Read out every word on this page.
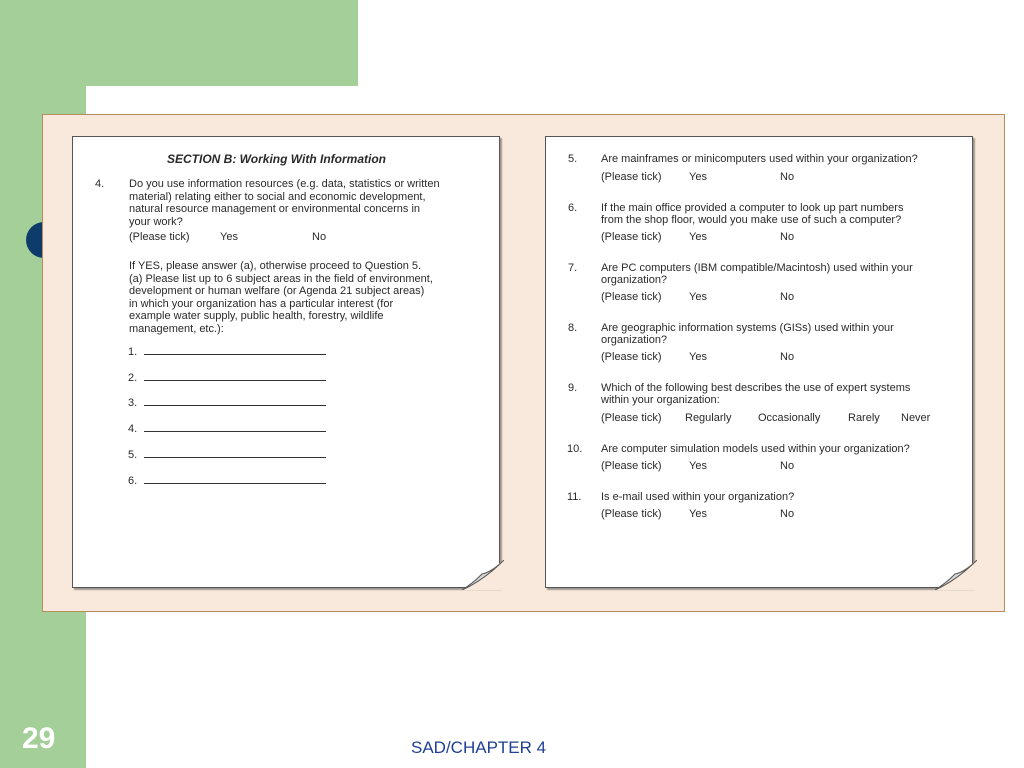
SECTION B: Working With Information
4. Do you use information resources (e.g. data, statistics or written
material) relating either to social and economic development,
natural resource management or environmental concerns in
your work?
(Please tick)	Yes	No
If YES, please answer (a), otherwise proceed to Question 5.
(a) Please list up to 6 subject areas in the field of environment,
development or human welfare (or Agenda 21 subject areas)
in which your organization has a particular interest (for
example water supply, public health, forestry, wildlife
management, etc.):
1.
2.
3.
4.
5.
6.
5. Are mainframes or minicomputers used within your organization?
(Please tick) Yes	No
6. If the main office provided a computer to look up part numbers
from the shop floor, would you make use of such a computer?
(Please tick) Yes	No
7. Are PC computers (IBM compatible/Macintosh) used within your
organization?
(Please tick) Yes	No
8. Are geographic information systems (GISs) used within your
organization?
(Please tick) Yes	No
9. Which of the following best describes the use of expert systems
within your organization:
(Please tick) Regularly Occasionally	Rarely Never
10. Are computer simulation models used within your organization?
(Please tick) Yes	No
11. Is e-mail used within your organization?
(Please tick) Yes	No
29	SAD/CHAPTER 4
